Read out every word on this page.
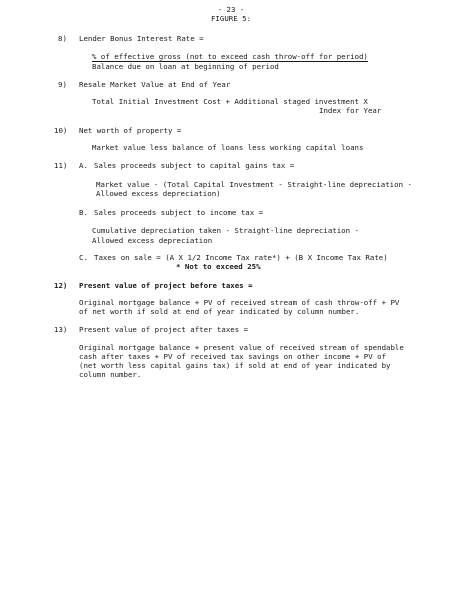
- 23 -
FIGURE 5:
8) Lender Bonus Interest Rate =
% of effective gross (not to exceed cash throw-off for period)
Balance due on loan at beginning of period
9) Resale Market Value at End of Year
Total Initial Investment Cost + Additional staged investment X
Index for Year
10) Net worth of property =
Market value less balance of loans less working capital loans
11) A. Sales proceeds subject to capital gains tax =
Market value - (Total Capital Investment - Straight-line depreciation -
Allowed excess depreciation)
B. Sales proceeds subject to income tax =
Cumulative depreciation taken - Straight-line depreciation -
Allowed excess depreciation
C. Taxes on sale = (A X 1/2 Income Tax rate*) + (B X Income Tax Rate)
* Not to exceed 25%
12) Present value of project before taxes =
Original mortgage balance + PV of received stream of cash throw-off + PV
of net worth if sold at end of year indicated by column number.
13) Present value of project after taxes =
Original mortgage balance + present value of received stream of spendable
cash after taxes + PV of received tax savings on other income + PV of
(net worth less capital gains tax) if sold at end of year indicated by
column number.
